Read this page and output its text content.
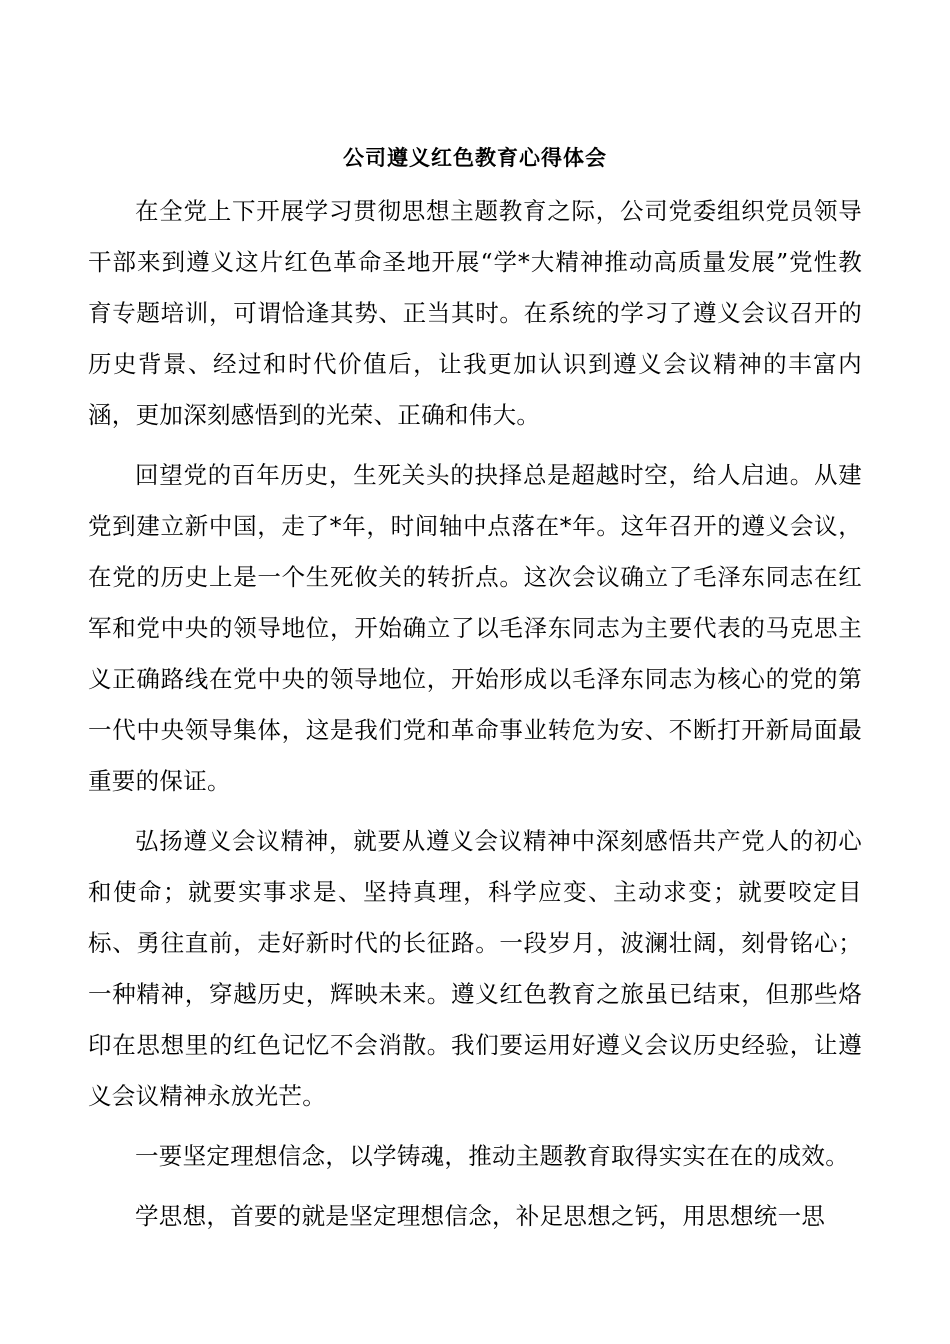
公司遵义红色教育心得体会

在全党上下开展学习贯彻思想主题教育之际，公司党委组织党员领导干部来到遵义这片红色革命圣地开展“学*大精神推动高质量发展”党性教育专题培训，可谓恰逢其势、正当其时。在系统的学习了遵义会议召开的历史背景、经过和时代价值后，让我更加认识到遵义会议精神的丰富内涵，更加深刻感悟到的光荣、正确和伟大。

回望党的百年历史，生死关头的抉择总是超越时空，给人启迪。从建党到建立新中国，走了*年，时间轴中点落在*年。这年召开的遵义会议，在党的历史上是一个生死攸关的转折点。这次会议确立了毛泽东同志在红军和党中央的领导地位，开始确立了以毛泽东同志为主要代表的马克思主义正确路线在党中央的领导地位，开始形成以毛泽东同志为核心的党的第一代中央领导集体，这是我们党和革命事业转危为安、不断打开新局面最重要的保证。

弘扬遵义会议精神，就要从遵义会议精神中深刻感悟共产党人的初心和使命；就要实事求是、坚持真理，科学应变、主动求变；就要咬定目标、勇往直前，走好新时代的长征路。一段岁月，波澜壮阔，刻骨铭心；一种精神，穿越历史，辉映未来。遵义红色教育之旅虽已结束，但那些烙印在思想里的红色记忆不会消散。我们要运用好遵义会议历史经验，让遵义会议精神永放光芒。

一要坚定理想信念，以学铸魂，推动主题教育取得实实在在的成效。

学思想，首要的就是坚定理想信念，补足思想之钙，用思想统一思
